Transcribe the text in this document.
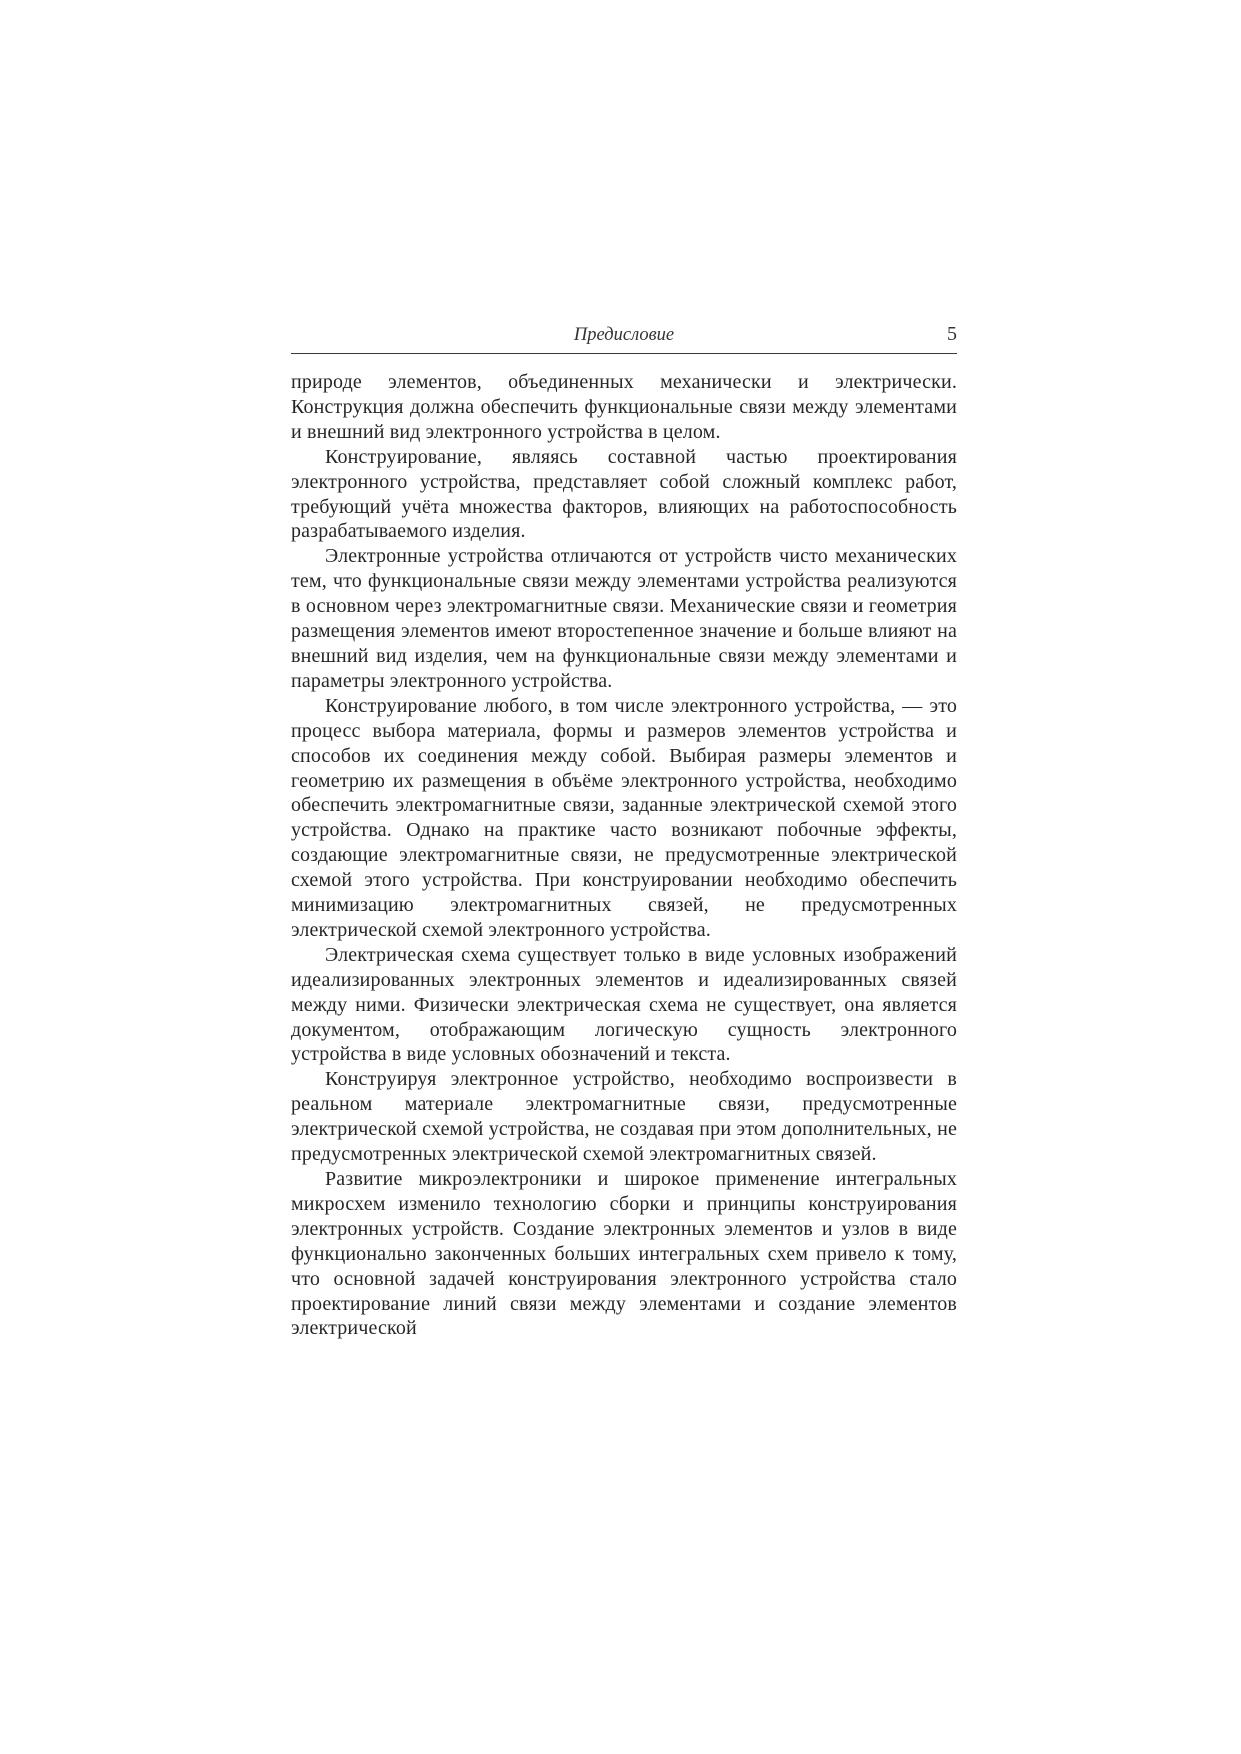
Предисловие	5

природе элементов, объединенных механически и электрически. Конструкция должна обеспечить функциональные связи между элементами и внешний вид электронного устройства в целом.

Конструирование, являясь составной частью проектирования электронного устройства, представляет собой сложный комплекс работ, требующий учёта множества факторов, влияющих на работоспособность разрабатываемого изделия.

Электронные устройства отличаются от устройств чисто механических тем, что функциональные связи между элементами устройства реализуются в основном через электромагнитные связи. Механические связи и геометрия размещения элементов имеют второстепенное значение и больше влияют на внешний вид изделия, чем на функциональные связи между элементами и параметры электронного устройства.

Конструирование любого, в том числе электронного устройства, — это процесс выбора материала, формы и размеров элементов устройства и способов их соединения между собой. Выбирая размеры элементов и геометрию их размещения в объёме электронного устройства, необходимо обеспечить электромагнитные связи, заданные электрической схемой этого устройства. Однако на практике часто возникают побочные эффекты, создающие электромагнитные связи, не предусмотренные электрической схемой этого устройства. При конструировании необходимо обеспечить минимизацию электромагнитных связей, не предусмотренных электрической схемой электронного устройства.

Электрическая схема существует только в виде условных изображений идеализированных электронных элементов и идеализированных связей между ними. Физически электрическая схема не существует, она является документом, отображающим логическую сущность электронного устройства в виде условных обозначений и текста.

Конструируя электронное устройство, необходимо воспроизвести в реальном материале электромагнитные связи, предусмотренные электрической схемой устройства, не создавая при этом дополнительных, не предусмотренных электрической схемой электромагнитных связей.

Развитие микроэлектроники и широкое применение интегральных микросхем изменило технологию сборки и принципы конструирования электронных устройств. Создание электронных элементов и узлов в виде функционально законченных больших интегральных схем привело к тому, что основной задачей конструирования электронного устройства стало проектирование линий связи между элементами и создание элементов электрической
